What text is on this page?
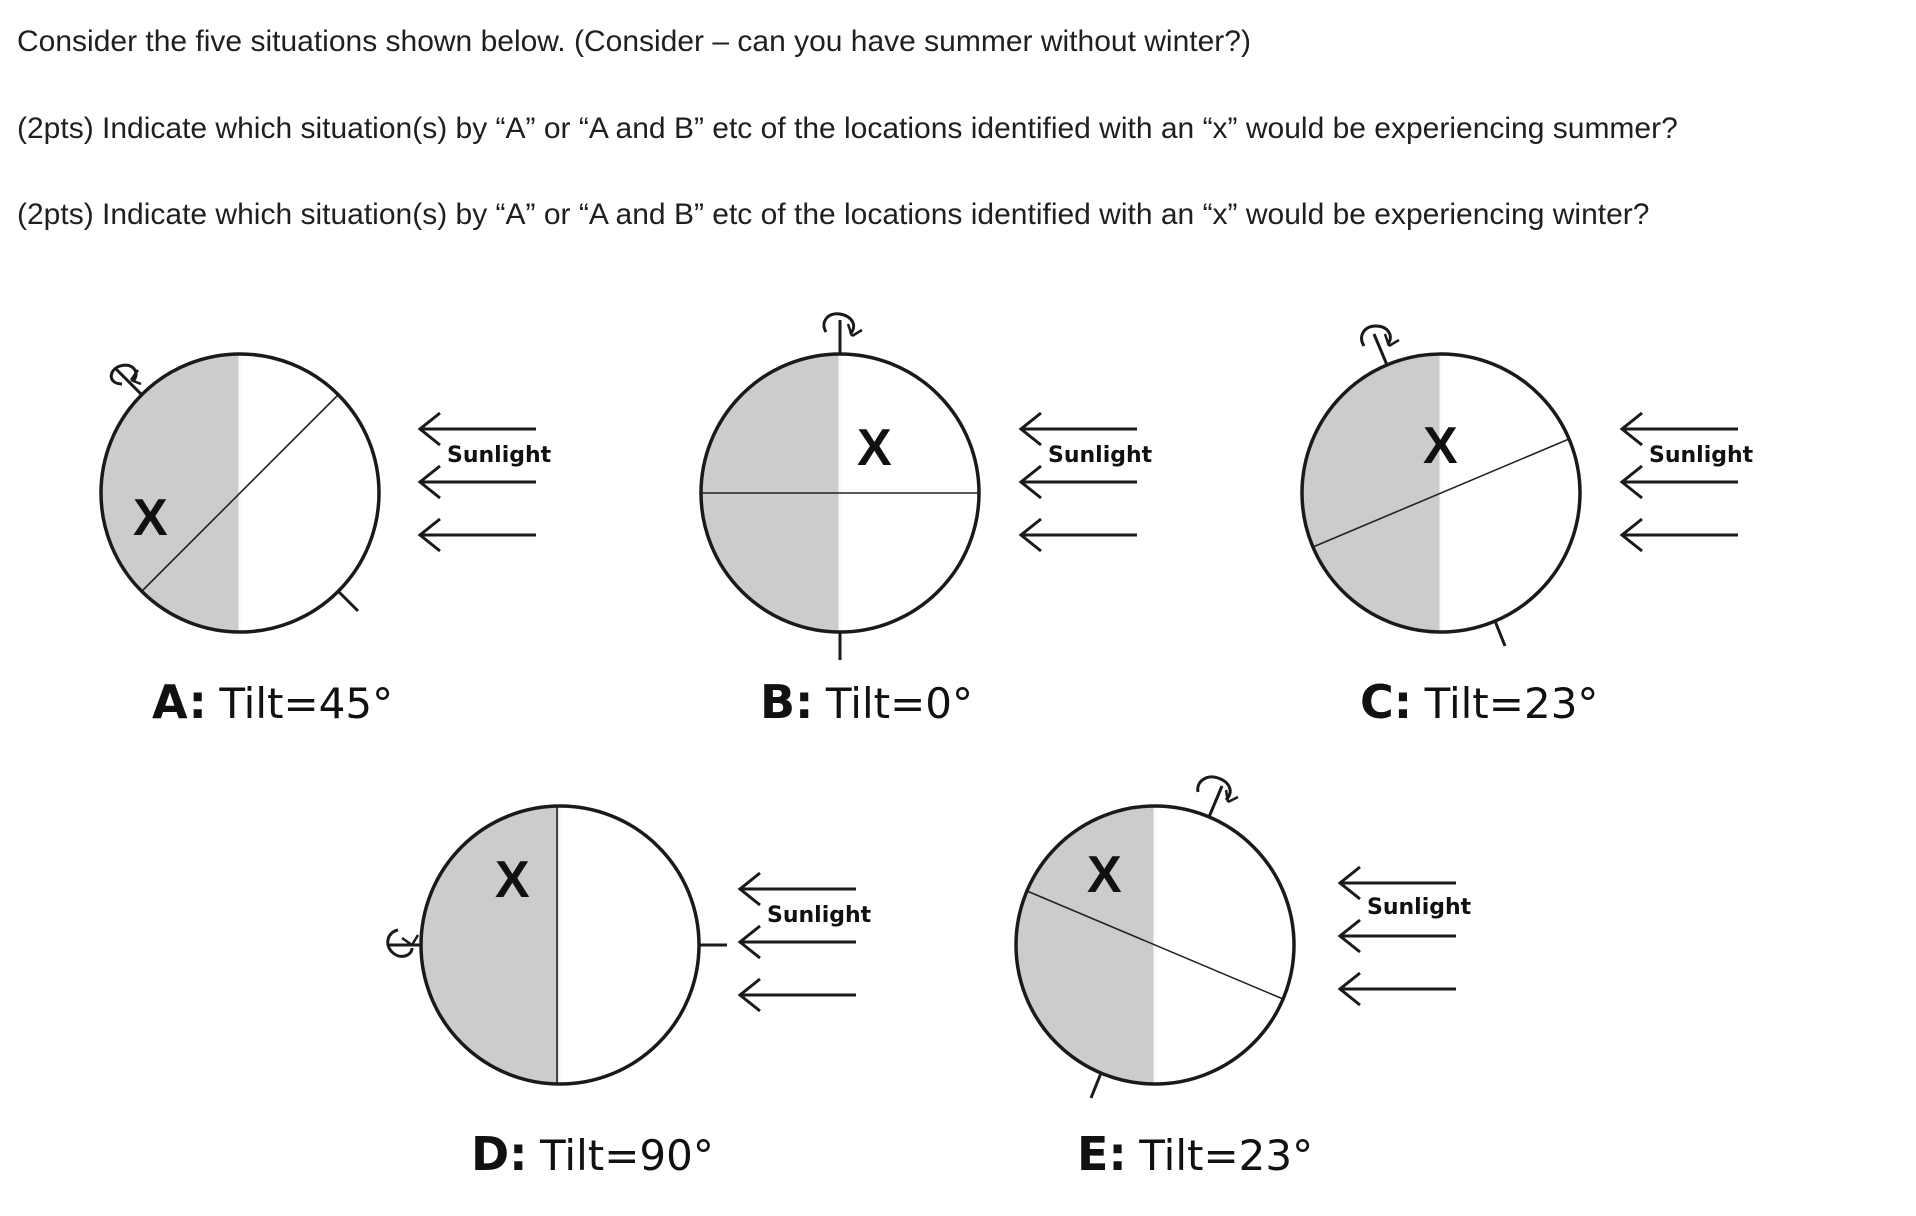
Consider the five situations shown below. (Consider – can you have summer without winter?)

(2pts) Indicate which situation(s) by “A” or “A and B” etc of the locations identified with an “x” would be experiencing summer?

(2pts) Indicate which situation(s) by “A” or “A and B” etc of the locations identified with an “x” would be experiencing winter?

X
Sunlight
A: Tilt=45°
X	Sunlight
B: Tilt=0°
X	Sunlight
C: Tilt=23°
X
Sunlight
D: Tilt=90°
X
Sunlight
E: Tilt=23°
